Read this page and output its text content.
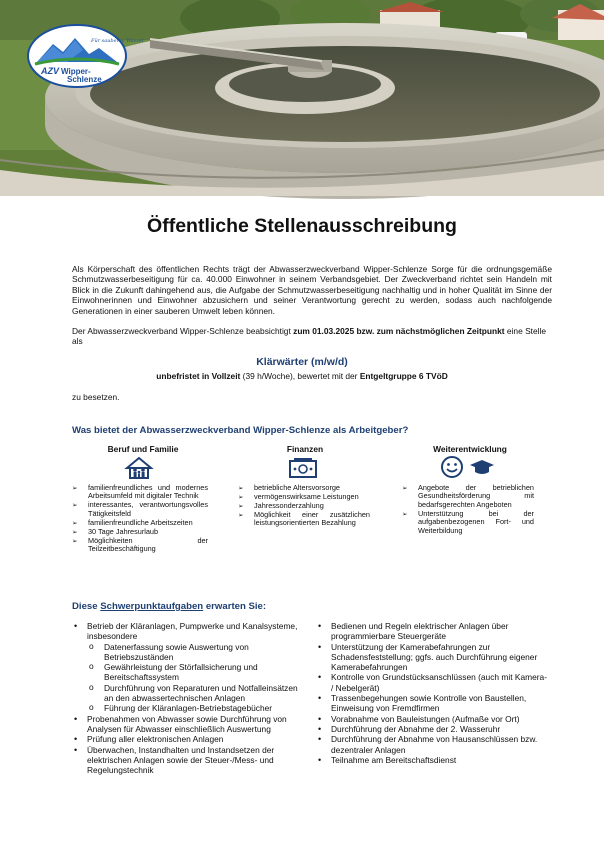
Für sauberes Wasser
AZV Wipper-
Schlenze
Öffentliche Stellenausschreibung
Als Körperschaft des öffentlichen Rechts trägt der Abwasserzweckverband Wipper-Schlenze Sorge für die ordnungsgemäße Schmutzwasserbeseitigung für ca. 40.000 Einwohner in seinem Verbandsgebiet. Der Zweckverband richtet sein Handeln mit Blick in die Zukunft dahingehend aus, die Aufgabe der Schmutzwasserbeseitigung nachhaltig und in hoher Qualität im Sinne der Einwohnerinnen und Einwohner abzusichern und seiner Verantwortung gerecht zu werden, sodass auch nachfolgende Generationen in einer sauberen Umwelt leben können.
Der Abwasserzweckverband Wipper-Schlenze beabsichtigt zum 01.03.2025 bzw. zum nächstmöglichen Zeitpunkt eine Stelle als
Klärwärter (m/w/d)
unbefristet in Vollzeit (39 h/Woche), bewertet mit der Entgeltgruppe 6 TVöD
zu besetzen.
Was bietet der Abwasserzweckverband Wipper-Schlenze als Arbeitgeber?
Beruf und Familie
➢ familienfreundliches und modernes Arbeitsumfeld mit digitaler Technik
➢ interessantes, verantwortungsvolles Tätigkeitsfeld
➢ familienfreundliche Arbeitszeiten
➢ 30 Tage Jahresurlaub
➢ Möglichkeiten der Teilzeitbeschäftigung
Finanzen
➢ betriebliche Altersvorsorge
➢ vermögenswirksame Leistungen
➢ Jahressonderzahlung
➢ Möglichkeit einer zusätzlichen leistungsorientierten Bezahlung
Weiterentwicklung
➢ Angebote der betrieblichen Gesundheitsförderung mit bedarfsgerechten Angeboten
➢ Unterstützung bei der aufgabenbezogenen Fort- und Weiterbildung
Diese Schwerpunktaufgaben erwarten Sie:
• Betrieb der Kläranlagen, Pumpwerke und Kanalsysteme, insbesondere
o Datenerfassung sowie Auswertung von Betriebszuständen
o Gewährleistung der Störfallsicherung und Bereitschaftssystem
o Durchführung von Reparaturen und Notfalleinsätzen an den abwassertechnischen Anlagen
o Führung der Kläranlagen-Betriebstagebücher
• Probenahmen von Abwasser sowie Durchführung von Analysen für Abwasser einschließlich Auswertung
• Prüfung aller elektronischen Anlagen
• Überwachen, Instandhalten und Instandsetzen der elektrischen Anlagen sowie der Steuer-/Mess- und Regelungstechnik
• Bedienen und Regeln elektrischer Anlagen über programmierbare Steuergeräte
• Unterstützung der Kamerabefahrungen zur Schadensfeststellung; ggfs. auch Durchführung eigener Kamerabefahrungen
• Kontrolle von Grundstücksanschlüssen (auch mit Kamera- / Nebelgerät)
• Trassenbegehungen sowie Kontrolle von Baustellen, Einweisung von Fremdfirmen
• Vorabnahme von Bauleistungen (Aufmaße vor Ort)
• Durchführung der Abnahme der 2. Wasseruhr
• Durchführung der Abnahme von Hausanschlüssen bzw. dezentraler Anlagen
• Teilnahme am Bereitschaftsdienst
